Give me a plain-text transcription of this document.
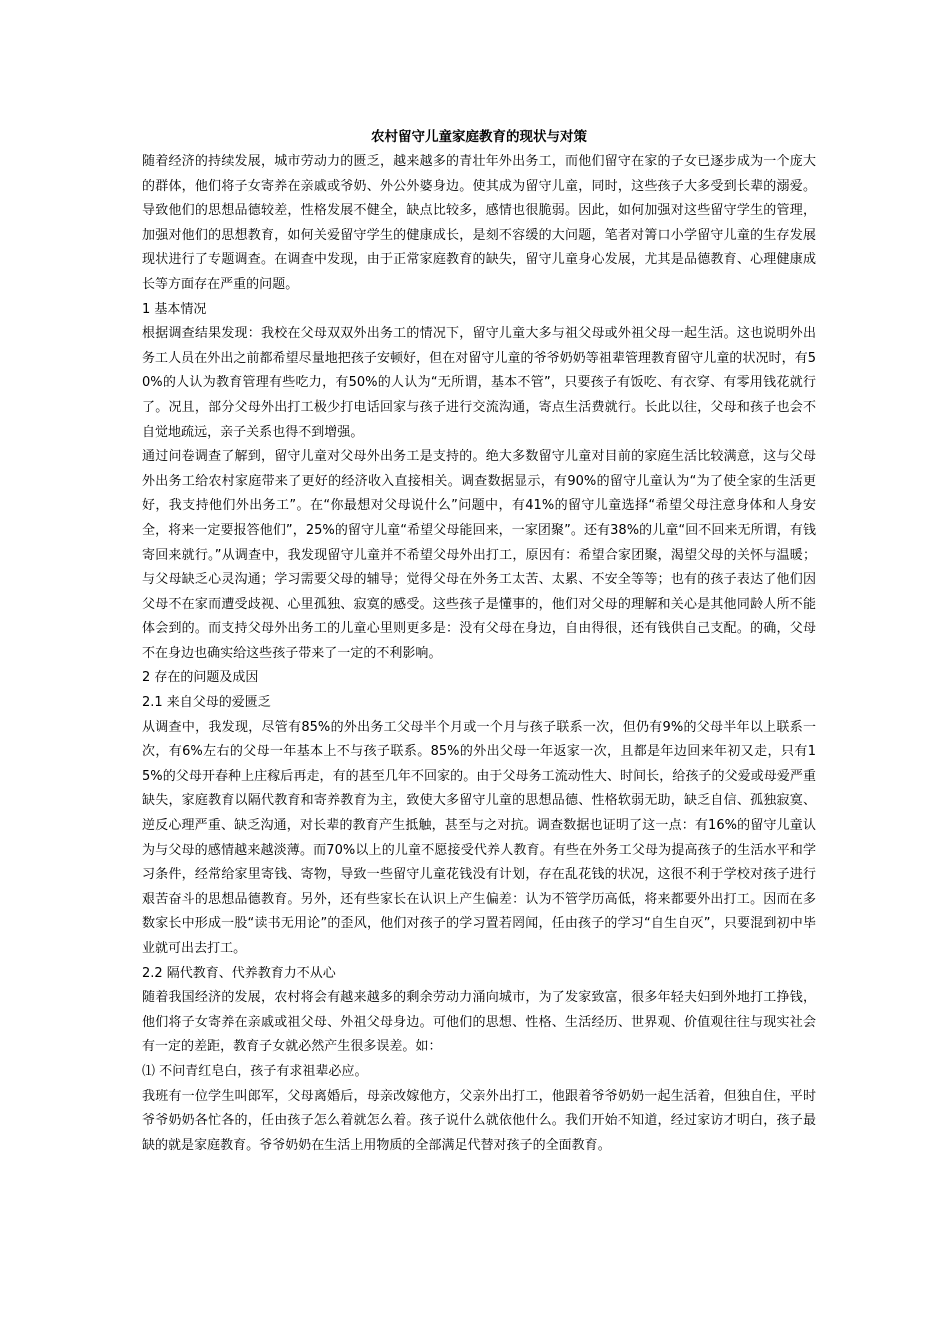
农村留守儿童家庭教育的现状与对策

随着经济的持续发展，城市劳动力的匮乏，越来越多的青壮年外出务工，而他们留守在家的子女已逐步成为一个庞大的群体，他们将子女寄养在亲戚或爷奶、外公外婆身边。使其成为留守儿童，同时，这些孩子大多受到长辈的溺爱。导致他们的思想品德较差，性格发展不健全，缺点比较多，感情也很脆弱。因此，如何加强对这些留守学生的管理，加强对他们的思想教育，如何关爱留守学生的健康成长，是刻不容缓的大问题，笔者对箐口小学留守儿童的生存发展现状进行了专题调查。在调查中发现，由于正常家庭教育的缺失，留守儿童身心发展，尤其是品德教育、心理健康成长等方面存在严重的问题。

1 基本情况

根据调查结果发现：我校在父母双双外出务工的情况下，留守儿童大多与祖父母或外祖父母一起生活。这也说明外出务工人员在外出之前都希望尽量地把孩子安顿好，但在对留守儿童的爷爷奶奶等祖辈管理教育留守儿童的状况时，有50%的人认为教育管理有些吃力，有50%的人认为“无所谓，基本不管”，只要孩子有饭吃、有衣穿、有零用钱花就行了。况且，部分父母外出打工极少打电话回家与孩子进行交流沟通，寄点生活费就行。长此以往，父母和孩子也会不自觉地疏远，亲子关系也得不到增强。

通过问卷调查了解到，留守儿童对父母外出务工是支持的。绝大多数留守儿童对目前的家庭生活比较满意，这与父母外出务工给农村家庭带来了更好的经济收入直接相关。调查数据显示，有90%的留守儿童认为“为了使全家的生活更好，我支持他们外出务工”。在“你最想对父母说什么”问题中，有41%的留守儿童选择“希望父母注意身体和人身安全，将来一定要报答他们”，25%的留守儿童“希望父母能回来，一家团聚”。还有38%的儿童“回不回来无所谓，有钱寄回来就行。”从调查中，我发现留守儿童并不希望父母外出打工，原因有：希望合家团聚，渴望父母的关怀与温暖；与父母缺乏心灵沟通；学习需要父母的辅导；觉得父母在外务工太苦、太累、不安全等等；也有的孩子表达了他们因父母不在家而遭受歧视、心里孤独、寂寞的感受。这些孩子是懂事的，他们对父母的理解和关心是其他同龄人所不能体会到的。而支持父母外出务工的儿童心里则更多是：没有父母在身边，自由得很，还有钱供自己支配。的确，父母不在身边也确实给这些孩子带来了一定的不利影响。

2 存在的问题及成因

2.1 来自父母的爱匮乏

从调查中，我发现，尽管有85%的外出务工父母半个月或一个月与孩子联系一次，但仍有9%的父母半年以上联系一次，有6%左右的父母一年基本上不与孩子联系。85%的外出父母一年返家一次，且都是年边回来年初又走，只有15%的父母开春种上庄稼后再走，有的甚至几年不回家的。由于父母务工流动性大、时间长，给孩子的父爱或母爱严重缺失，家庭教育以隔代教育和寄养教育为主，致使大多留守儿童的思想品德、性格软弱无助，缺乏自信、孤独寂寞、逆反心理严重、缺乏沟通，对长辈的教育产生抵触，甚至与之对抗。调查数据也证明了这一点：有16%的留守儿童认为与父母的感情越来越淡薄。而70%以上的儿童不愿接受代养人教育。有些在外务工父母为提高孩子的生活水平和学习条件，经常给家里寄钱、寄物，导致一些留守儿童花钱没有计划，存在乱花钱的状况，这很不利于学校对孩子进行艰苦奋斗的思想品德教育。另外，还有些家长在认识上产生偏差：认为不管学历高低，将来都要外出打工。因而在多数家长中形成一股“读书无用论”的歪风，他们对孩子的学习置若罔闻，任由孩子的学习“自生自灭”，只要混到初中毕业就可出去打工。

2.2 隔代教育、代养教育力不从心

随着我国经济的发展，农村将会有越来越多的剩余劳动力涌向城市，为了发家致富，很多年轻夫妇到外地打工挣钱，他们将子女寄养在亲戚或祖父母、外祖父母身边。可他们的思想、性格、生活经历、世界观、价值观往往与现实社会有一定的差距，教育子女就必然产生很多误差。如：

⑴ 不问青红皂白，孩子有求祖辈必应。

我班有一位学生叫郎军，父母离婚后，母亲改嫁他方，父亲外出打工，他跟着爷爷奶奶一起生活着，但独自住，平时爷爷奶奶各忙各的，任由孩子怎么着就怎么着。孩子说什么就依他什么。我们开始不知道，经过家访才明白，孩子最缺的就是家庭教育。爷爷奶奶在生活上用物质的全部满足代替对孩子的全面教育。
